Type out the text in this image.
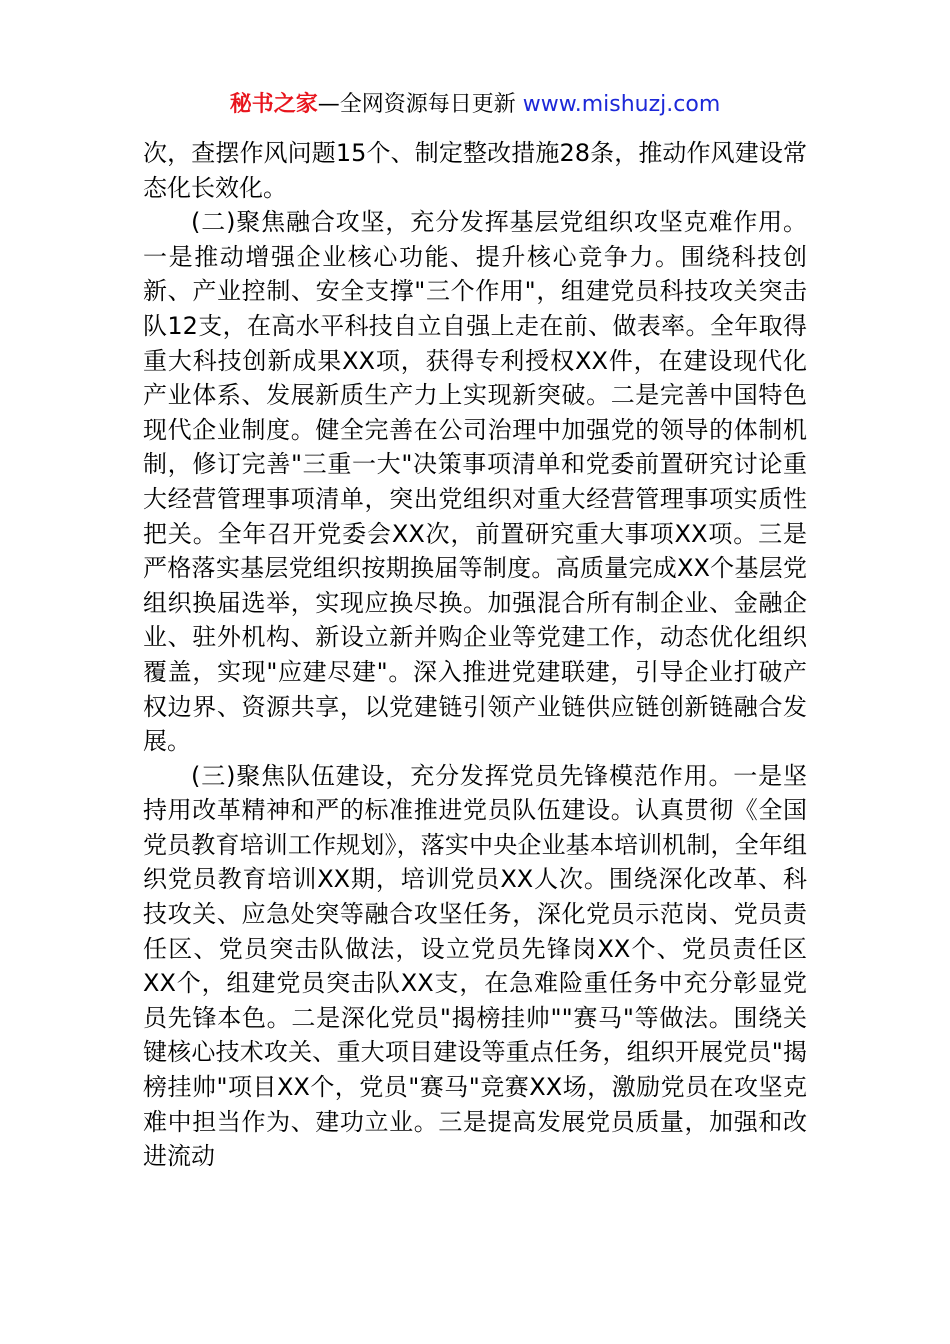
秘书之家—全网资源每日更新 www.mishuzj.com

次，查摆作风问题15个、制定整改措施28条，推动作风建设常态化长效化。

(二)聚焦融合攻坚，充分发挥基层党组织攻坚克难作用。一是推动增强企业核心功能、提升核心竞争力。围绕科技创新、产业控制、安全支撑"三个作用"，组建党员科技攻关突击队12支，在高水平科技自立自强上走在前、做表率。全年取得重大科技创新成果XX项，获得专利授权XX件，在建设现代化产业体系、发展新质生产力上实现新突破。二是完善中国特色现代企业制度。健全完善在公司治理中加强党的领导的体制机制，修订完善"三重一大"决策事项清单和党委前置研究讨论重大经营管理事项清单，突出党组织对重大经营管理事项实质性把关。全年召开党委会XX次，前置研究重大事项XX项。三是严格落实基层党组织按期换届等制度。高质量完成XX个基层党组织换届选举，实现应换尽换。加强混合所有制企业、金融企业、驻外机构、新设立新并购企业等党建工作，动态优化组织覆盖，实现"应建尽建"。深入推进党建联建，引导企业打破产权边界、资源共享，以党建链引领产业链供应链创新链融合发展。

(三)聚焦队伍建设，充分发挥党员先锋模范作用。一是坚持用改革精神和严的标准推进党员队伍建设。认真贯彻《全国党员教育培训工作规划》，落实中央企业基本培训机制，全年组织党员教育培训XX期，培训党员XX人次。围绕深化改革、科技攻关、应急处突等融合攻坚任务，深化党员示范岗、党员责任区、党员突击队做法，设立党员先锋岗XX个、党员责任区XX个，组建党员突击队XX支，在急难险重任务中充分彰显党员先锋本色。二是深化党员"揭榜挂帅""赛马"等做法。围绕关键核心技术攻关、重大项目建设等重点任务，组织开展党员"揭榜挂帅"项目XX个，党员"赛马"竞赛XX场，激励党员在攻坚克难中担当作为、建功立业。三是提高发展党员质量，加强和改进流动
